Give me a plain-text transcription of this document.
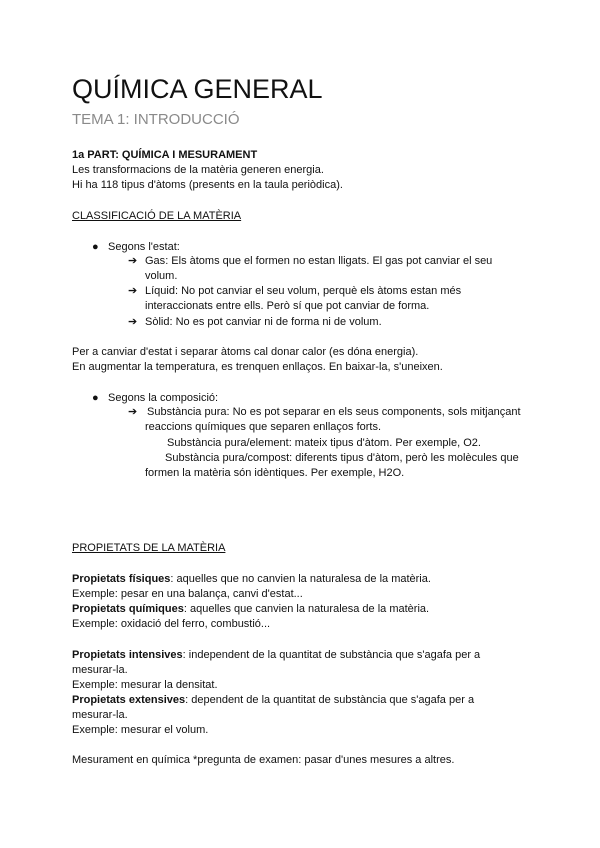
QUÍMICA GENERAL
TEMA 1: INTRODUCCIÓ
1a PART: QUÍMICA I MESURAMENT
Les transformacions de la matèria generen energia.
Hi ha 118 tipus d'àtoms (presents en la taula periòdica).
CLASSIFICACIÓ DE LA MATÈRIA
● Segons l'estat:
➔ Gas: Els àtoms que el formen no estan lligats. El gas pot canviar el seu
volum.
➔ Líquid: No pot canviar el seu volum, perquè els àtoms estan més
interaccionats entre ells. Però sí que pot canviar de forma.
➔ Sòlid: No es pot canviar ni de forma ni de volum.
Per a canviar d'estat i separar àtoms cal donar calor (es dóna energia).
En augmentar la temperatura, es trenquen enllaços. En baixar-la, s'uneixen.
● Segons la composició:
➔ Substància pura: No es pot separar en els seus components, sols mitjançant
reaccions químiques que separen enllaços forts.
Substància pura/element: mateix tipus d'àtom. Per exemple, O2.
Substància pura/compost: diferents tipus d'àtom, però les molècules que
formen la matèria són idèntiques. Per exemple, H2O.
PROPIETATS DE LA MATÈRIA
Propietats físiques: aquelles que no canvien la naturalesa de la matèria.
Exemple: pesar en una balança, canvi d'estat...
Propietats químiques: aquelles que canvien la naturalesa de la matèria.
Exemple: oxidació del ferro, combustió...
Propietats intensives: independent de la quantitat de substància que s'agafa per a
mesurar-la.
Exemple: mesurar la densitat.
Propietats extensives: dependent de la quantitat de substància que s'agafa per a
mesurar-la.
Exemple: mesurar el volum.
Mesurament en química *pregunta de examen: pasar d'unes mesures a altres.
